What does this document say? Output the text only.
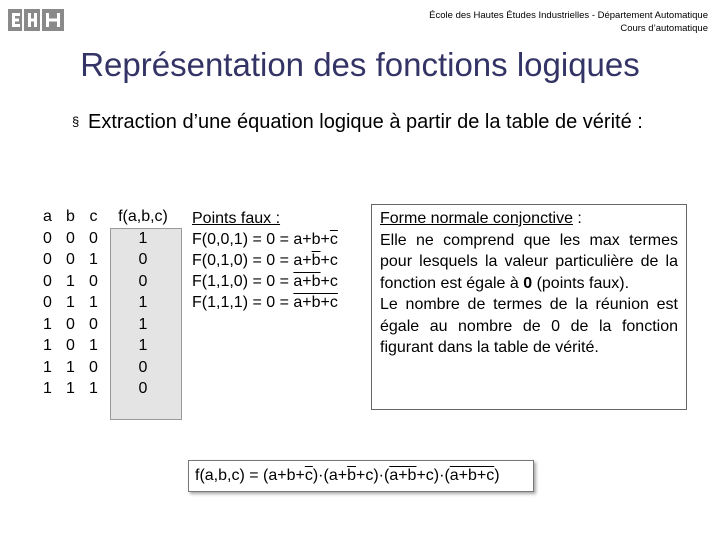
École des Hautes Études Industrielles - Département Automatique
Cours d’automatique
Représentation des fonctions logiques
§ Extraction d’une équation logique à partir de la table de vérité :
a	b	c	f(a,b,c)
0	0	0	1
0	0	1	0
0	1	0	0
0	1	1	1
1	0	0	1
1	0	1	1
1	1	0	0
1	1	1	0
Points faux :
$F(0,0,1) = 0 = a+b+\overline{c}$
$F(0,1,0) = 0 = a+\overline{b}+c$
F(1,1,0) = 0 = a+b+c
F(1,1,1) = 0 = a+b+c
Forme normale conjonctive :
Elle ne comprend que les max termes pour lesquels la valeur particulière de la fonction est égale à 0 (points faux).
Le nombre de termes de la réunion est égale au nombre de 0 de la fonction figurant dans la table de vérité.
$f(a,b,c) = (a+b+\overline{c})\cdot(a+\overline{b}+c)\cdot(a+b+c)\cdot(a+b+c)$
